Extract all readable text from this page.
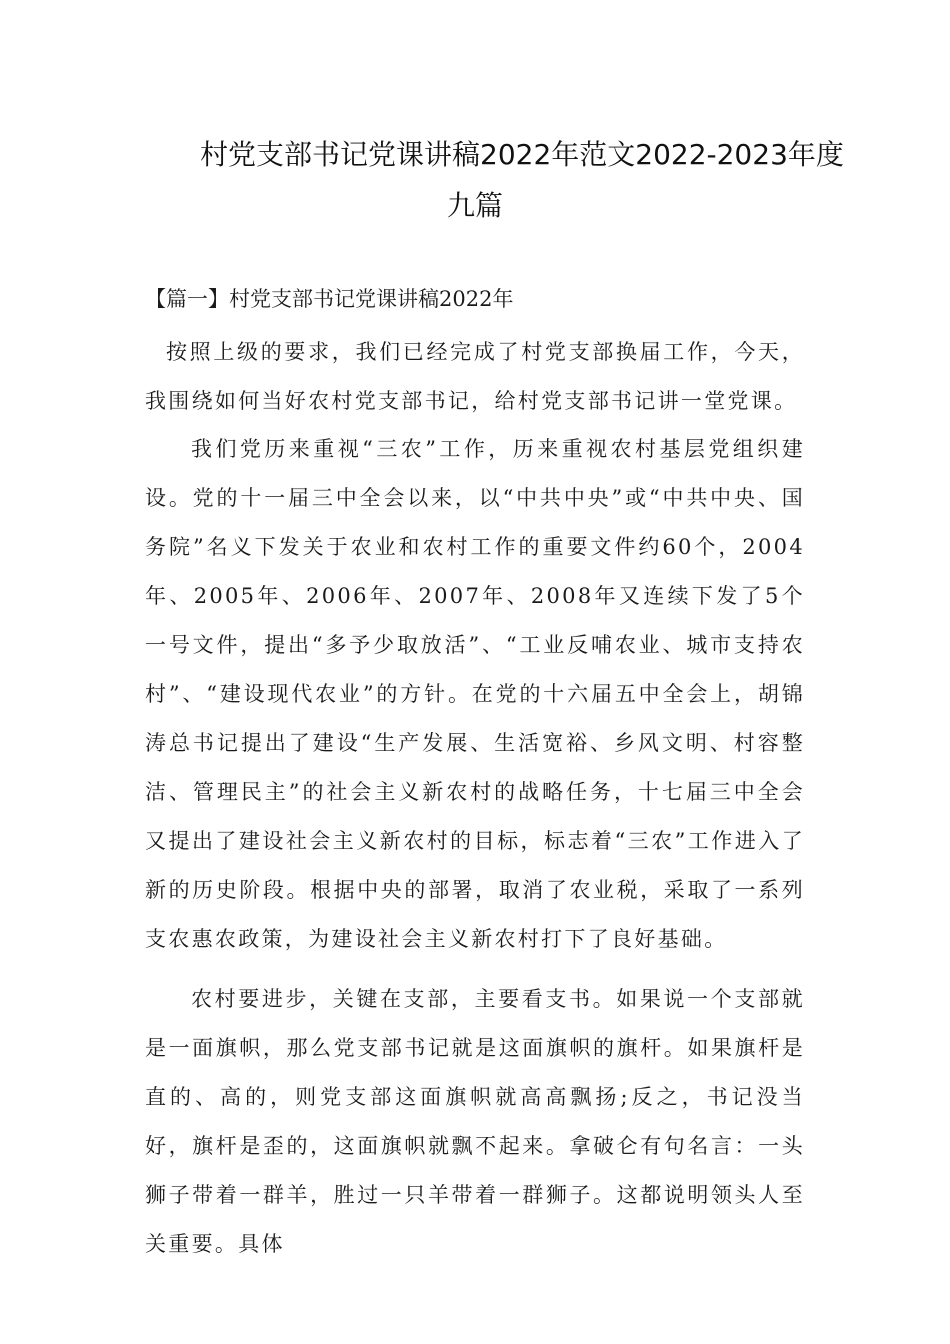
村党支部书记党课讲稿2022年范文2022-2023年度
九篇
【篇一】村党支部书记党课讲稿2022年
按照上级的要求，我们已经完成了村党支部换届工作，今天，我围绕如何当好农村党支部书记，给村党支部书记讲一堂党课。
我们党历来重视“三农”工作，历来重视农村基层党组织建设。党的十一届三中全会以来，以“中共中央”或“中共中央、国务院”名义下发关于农业和农村工作的重要文件约60个，2004年、2005年、2006年、2007年、2008年又连续下发了5个一号文件，提出“多予少取放活”、“工业反哺农业、城市支持农村”、“建设现代农业”的方针。在党的十六届五中全会上，胡锦涛总书记提出了建设“生产发展、生活宽裕、乡风文明、村容整洁、管理民主”的社会主义新农村的战略任务，十七届三中全会又提出了建设社会主义新农村的目标，标志着“三农”工作进入了新的历史阶段。根据中央的部署，取消了农业税，采取了一系列支农惠农政策，为建设社会主义新农村打下了良好基础。
农村要进步，关键在支部，主要看支书。如果说一个支部就是一面旗帜，那么党支部书记就是这面旗帜的旗杆。如果旗杆是直的、高的，则党支部这面旗帜就高高飘扬;反之，书记没当好，旗杆是歪的，这面旗帜就飘不起来。拿破仑有句名言：一头狮子带着一群羊，胜过一只羊带着一群狮子。这都说明领头人至关重要。具体
